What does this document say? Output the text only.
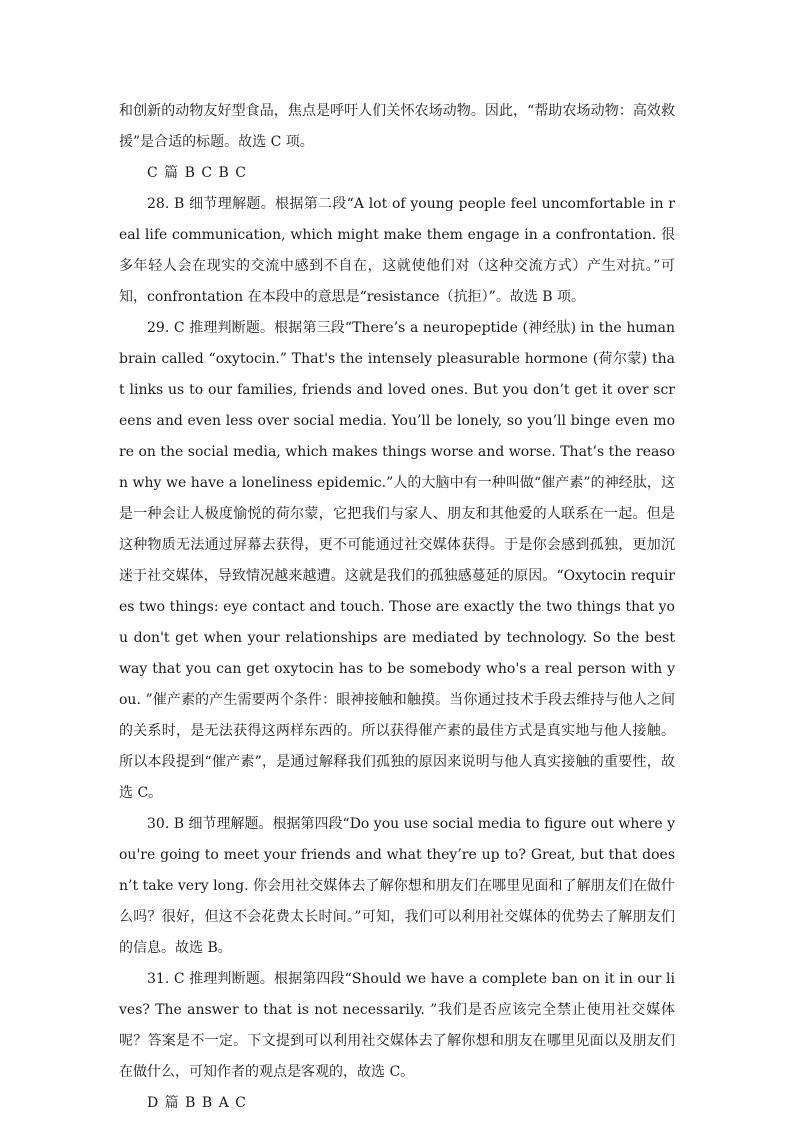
和创新的动物友好型食品，焦点是呼吁人们关怀农场动物。因此，“帮助农场动物：高效救援”是合适的标题。故选 C 项。

C 篇 B C B C

28. B 细节理解题。根据第二段“A lot of young people feel uncomfortable in real life communication, which might make them engage in a confrontation. 很多年轻人会在现实的交流中感到不自在，这就使他们对（这种交流方式）产生对抗。”可知，confrontation 在本段中的意思是“resistance（抗拒）”。故选 B 项。

29. C 推理判断题。根据第三段“There’s a neuropeptide (神经肽) in the human brain called “oxytocin.” That's the intensely pleasurable hormone (荷尔蒙) that links us to our families, friends and loved ones. But you don’t get it over screens and even less over social media. You’ll be lonely, so you’ll binge even more on the social media, which makes things worse and worse. That’s the reason why we have a loneliness epidemic.”人的大脑中有一种叫做“催产素”的神经肽，这是一种会让人极度愉悦的荷尔蒙，它把我们与家人、朋友和其他爱的人联系在一起。但是这种物质无法通过屏幕去获得，更不可能通过社交媒体获得。于是你会感到孤独，更加沉迷于社交媒体，导致情况越来越遭。这就是我们的孤独感蔓延的原因。“Oxytocin requires two things: eye contact and touch. Those are exactly the two things that you don't get when your relationships are mediated by technology. So the best way that you can get oxytocin has to be somebody who's a real person with you. ”催产素的产生需要两个条件：眼神接触和触摸。当你通过技术手段去维持与他人之间的关系时，是无法获得这两样东西的。所以获得催产素的最佳方式是真实地与他人接触。所以本段提到“催产素”，是通过解释我们孤独的原因来说明与他人真实接触的重要性，故选 C。

30. B 细节理解题。根据第四段“Do you use social media to figure out where you're going to meet your friends and what they’re up to? Great, but that doesn’t take very long. 你会用社交媒体去了解你想和朋友们在哪里见面和了解朋友们在做什么吗？很好，但这不会花费太长时间。”可知，我们可以利用社交媒体的优势去了解朋友们的信息。故选 B。

31. C 推理判断题。根据第四段“Should we have a complete ban on it in our lives? The answer to that is not necessarily. ”我们是否应该完全禁止使用社交媒体呢？答案是不一定。下文提到可以利用社交媒体去了解你想和朋友在哪里见面以及朋友们在做什么，可知作者的观点是客观的，故选 C。

D 篇 B B A C
